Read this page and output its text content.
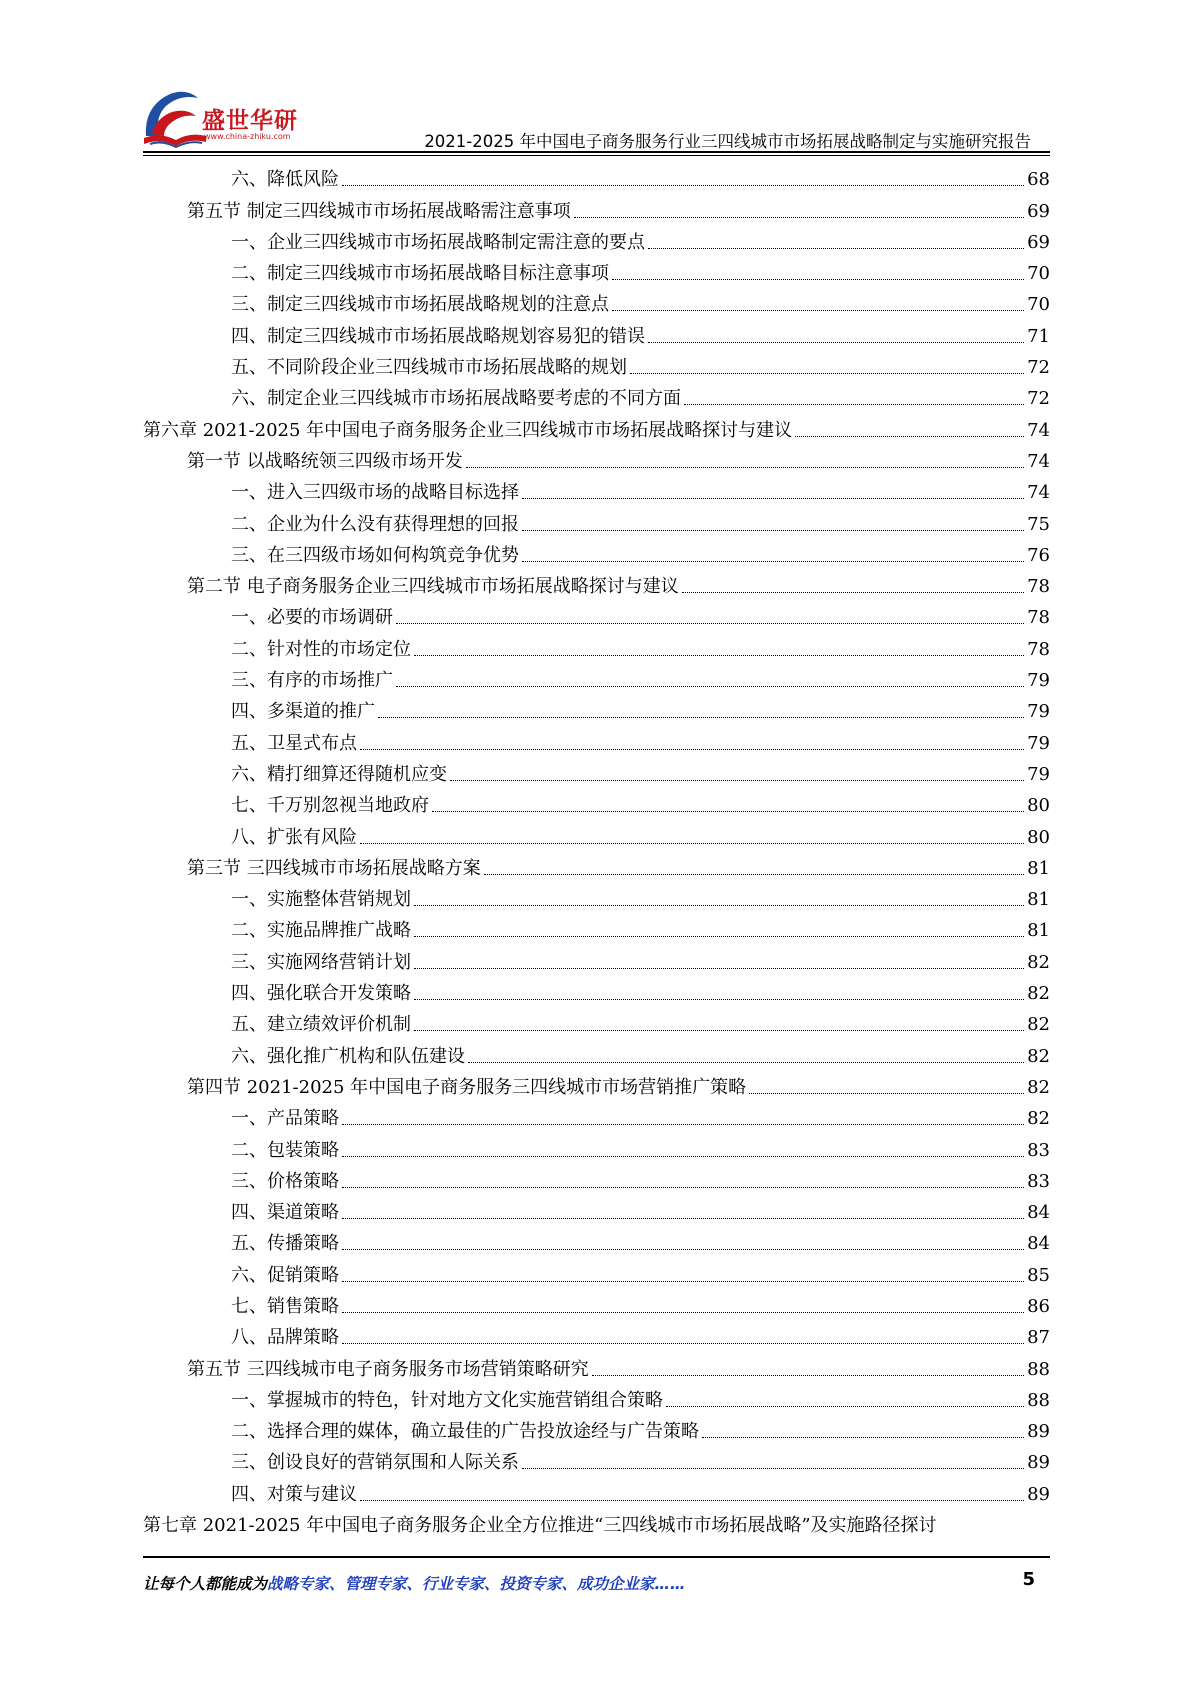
盛世华研
www.china-zhiku.com	2021-2025 年中国电子商务服务行业三四线城市市场拓展战略制定与实施研究报告
六、降低风险	68
第五节 制定三四线城市市场拓展战略需注意事项	69
一、企业三四线城市市场拓展战略制定需注意的要点	69
二、制定三四线城市市场拓展战略目标注意事项	70
三、制定三四线城市市场拓展战略规划的注意点	70
四、制定三四线城市市场拓展战略规划容易犯的错误	71
五、不同阶段企业三四线城市市场拓展战略的规划	72
六、制定企业三四线城市市场拓展战略要考虑的不同方面	72
第六章 2021-2025 年中国电子商务服务企业三四线城市市场拓展战略探讨与建议	74
第一节 以战略统领三四级市场开发	74
一、进入三四级市场的战略目标选择	74
二、企业为什么没有获得理想的回报	75
三、在三四级市场如何构筑竞争优势	76
第二节 电子商务服务企业三四线城市市场拓展战略探讨与建议	78
一、必要的市场调研	78
二、针对性的市场定位	78
三、有序的市场推广	79
四、多渠道的推广	79
五、卫星式布点	79
六、精打细算还得随机应变	79
七、千万别忽视当地政府	80
八、扩张有风险	80
第三节 三四线城市市场拓展战略方案	81
一、实施整体营销规划	81
二、实施品牌推广战略	81
三、实施网络营销计划	82
四、强化联合开发策略	82
五、建立绩效评价机制	82
六、强化推广机构和队伍建设	82
第四节 2021-2025 年中国电子商务服务三四线城市市场营销推广策略	82
一、产品策略	82
二、包装策略	83
三、价格策略	83
四、渠道策略	84
五、传播策略	84
六、促销策略	85
七、销售策略	86
八、品牌策略	87
第五节 三四线城市电子商务服务市场营销策略研究	88
一、掌握城市的特色，针对地方文化实施营销组合策略	88
二、选择合理的媒体，确立最佳的广告投放途经与广告策略	89
三、创设良好的营销氛围和人际关系	89
四、对策与建议	89
第七章 2021-2025 年中国电子商务服务企业全方位推进“三四线城市市场拓展战略”及实施路径探讨
让每个人都能成为战略专家、管理专家、行业专家、投资专家、成功企业家……	5
